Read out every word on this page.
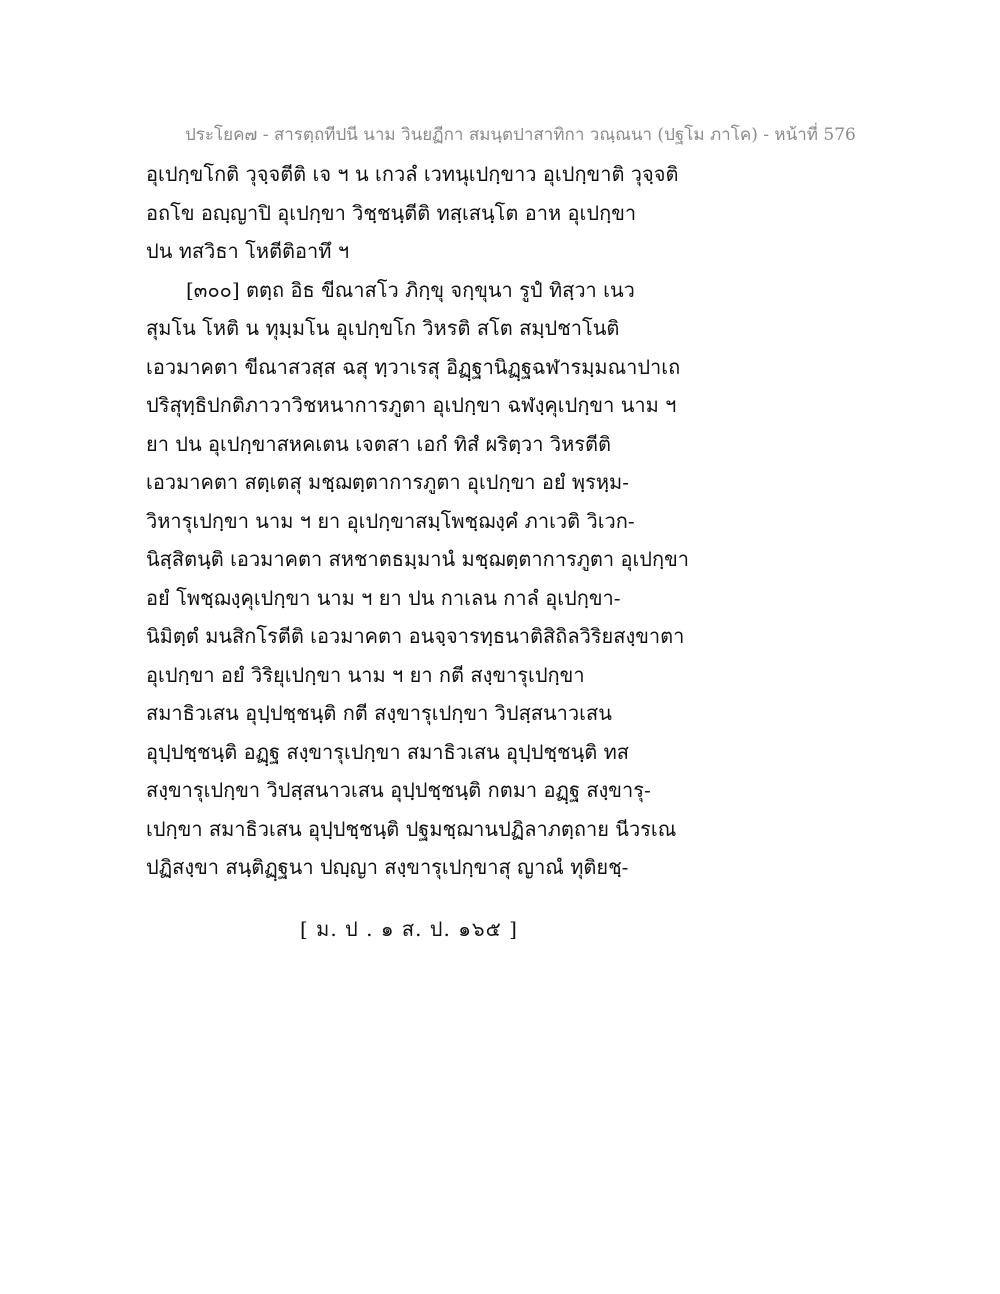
ประโยค๗ - สารตฺถทีปนี นาม วินยฏีกา สมนฺตปาสาทิกา วณฺณนา (ปฐโม ภาโค) - หน้าที่ 576
อุเปกฺขโกติ วุจฺจตีติ เจ ฯ น เกวลํ เวทนุเปกฺขาว อุเปกฺขาติ วุจฺจติ
อถโข อญฺญาปิ อุเปกฺขา วิชฺชนฺตีติ ทสฺเสนฺโต อาห อุเปกฺขา
ปน ทสวิธา โหตีติอาทึ ฯ
[๓๐๐] ตตฺถ อิธ ขีณาสโว ภิกฺขุ จกฺขุนา รูปํ ทิสฺวา เนว
สุมโน โหติ น ทุมฺมโน อุเปกฺขโก วิหรติ สโต สมฺปชาโนติ
เอวมาคตา ขีณาสวสฺส ฉสุ ทฺวาเรสุ อิฏฺฐานิฏฺฐฉฬารมฺมณาปาเถ
ปริสุทฺธิปกติภาวาวิชหนาการภูตา อุเปกฺขา ฉฬงฺคุเปกฺขา นาม ฯ
ยา ปน อุเปกฺขาสหคเตน เจตสา เอกํ ทิสํ ผริตฺวา วิหรตีติ
เอวมาคตา สตฺเตสุ มชฺฌตฺตาการภูตา อุเปกฺขา อยํ พฺรหฺม-
วิหารุเปกฺขา นาม ฯ ยา อุเปกฺขาสมฺโพชฺฌงฺคํ ภาเวติ วิเวก-
นิสฺสิตนฺติ เอวมาคตา สหชาตธมฺมานํ มชฺฌตฺตาการภูตา อุเปกฺขา
อยํ โพชฺฌงฺคุเปกฺขา นาม ฯ ยา ปน กาเลน กาลํ อุเปกฺขา-
นิมิตฺตํ มนสิกโรตีติ เอวมาคตา อนจฺจารทฺธนาติสิถิลวิริยสงฺขาตา
อุเปกฺขา อยํ วิริยุเปกฺขา นาม ฯ ยา กตี สงฺขารุเปกฺขา
สมาธิวเสน อุปฺปชฺชนฺติ กตี สงฺขารุเปกฺขา วิปสฺสนาวเสน
อุปฺปชฺชนฺติ อฏฺฐ สงฺขารุเปกฺขา สมาธิวเสน อุปฺปชฺชนฺติ ทส
สงฺขารุเปกฺขา วิปสฺสนาวเสน อุปฺปชฺชนฺติ กตมา อฏฺฐ สงฺขารุ-
เปกฺขา สมาธิวเสน อุปฺปชฺชนฺติ ปฐมชฺฌานปฏิลาภตฺถาย นีวรเณ
ปฏิสงฺขา สนฺติฏฺฐนา ปญฺญา สงฺขารุเปกฺขาสุ ญาณํ ทุติยชฺ-
[ ม. ป . ๑ ส. ป. ๑๖๕ ]
